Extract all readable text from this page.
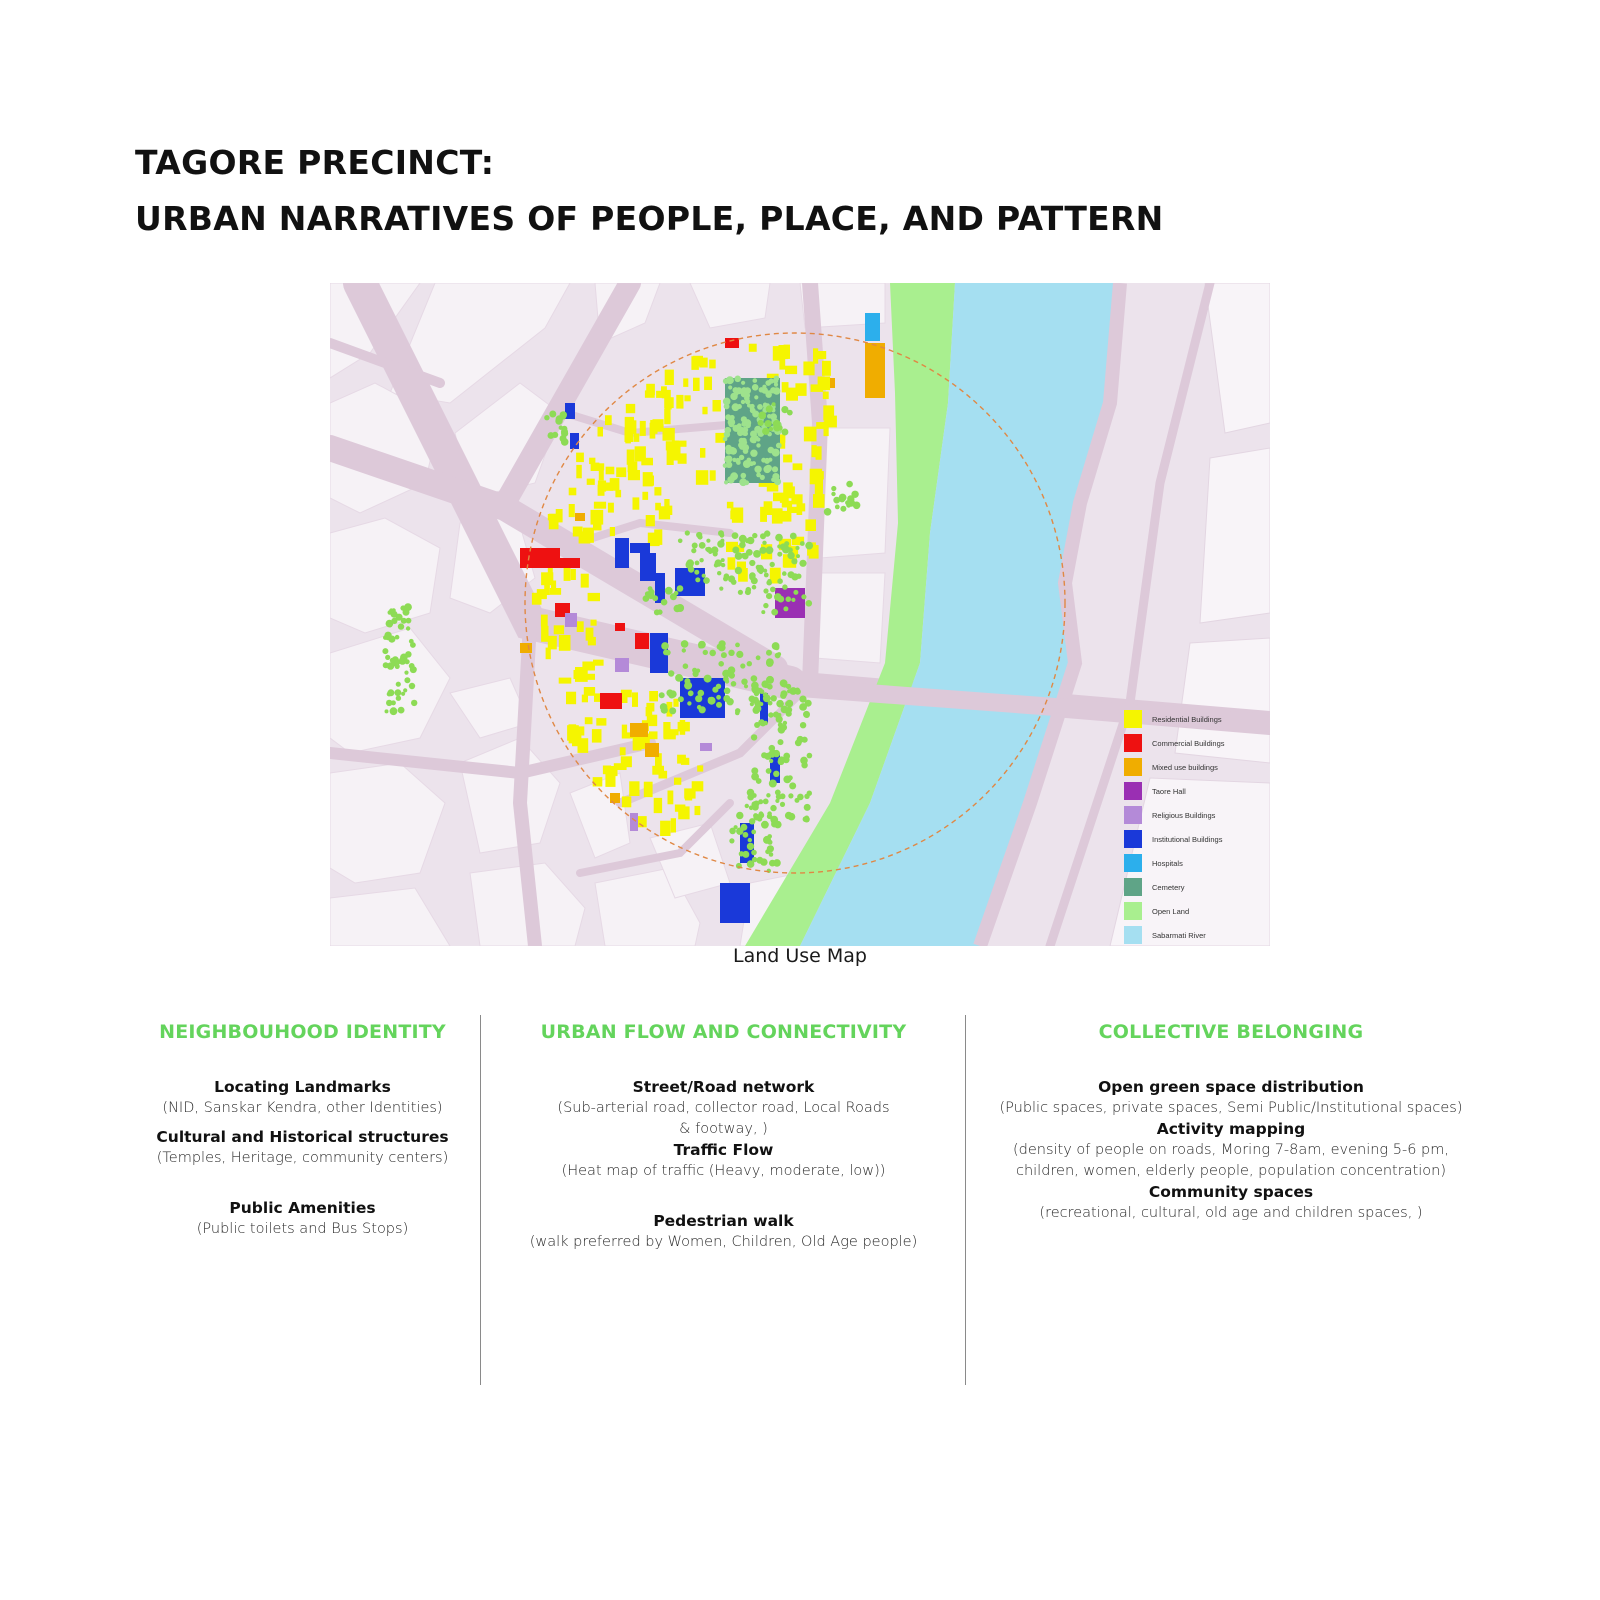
TAGORE PRECINCT:
URBAN NARRATIVES OF PEOPLE, PLACE, AND PATTERN
Residential Buildings
Commercial Buildings
Mixed use buildings
Taore Hall
Religious Buildings
Institutional Buildings
Hospitals
Cemetery
Open Land
Sabarmati River
Land Use Map
NEIGHBOUHOOD IDENTITY
Locating Landmarks
(NID, Sanskar Kendra, other Identities)
Cultural and Historical structures
(Temples, Heritage, community centers)
Public Amenities
(Public toilets and Bus Stops)
URBAN FLOW AND CONNECTIVITY
Street/Road network
(Sub-arterial road, collector road, Local Roads & footway, )
Traffic Flow
(Heat map of traffic (Heavy, moderate, low))
Pedestrian walk
(walk preferred by Women, Children, Old Age people)
COLLECTIVE BELONGING
Open green space distribution
(Public spaces, private spaces, Semi Public/Institutional spaces)
Activity mapping
(density of people on roads, Moring 7-8am, evening 5-6 pm, children, women, elderly people, population concentration)
Community spaces
(recreational, cultural, old age and children spaces, )
